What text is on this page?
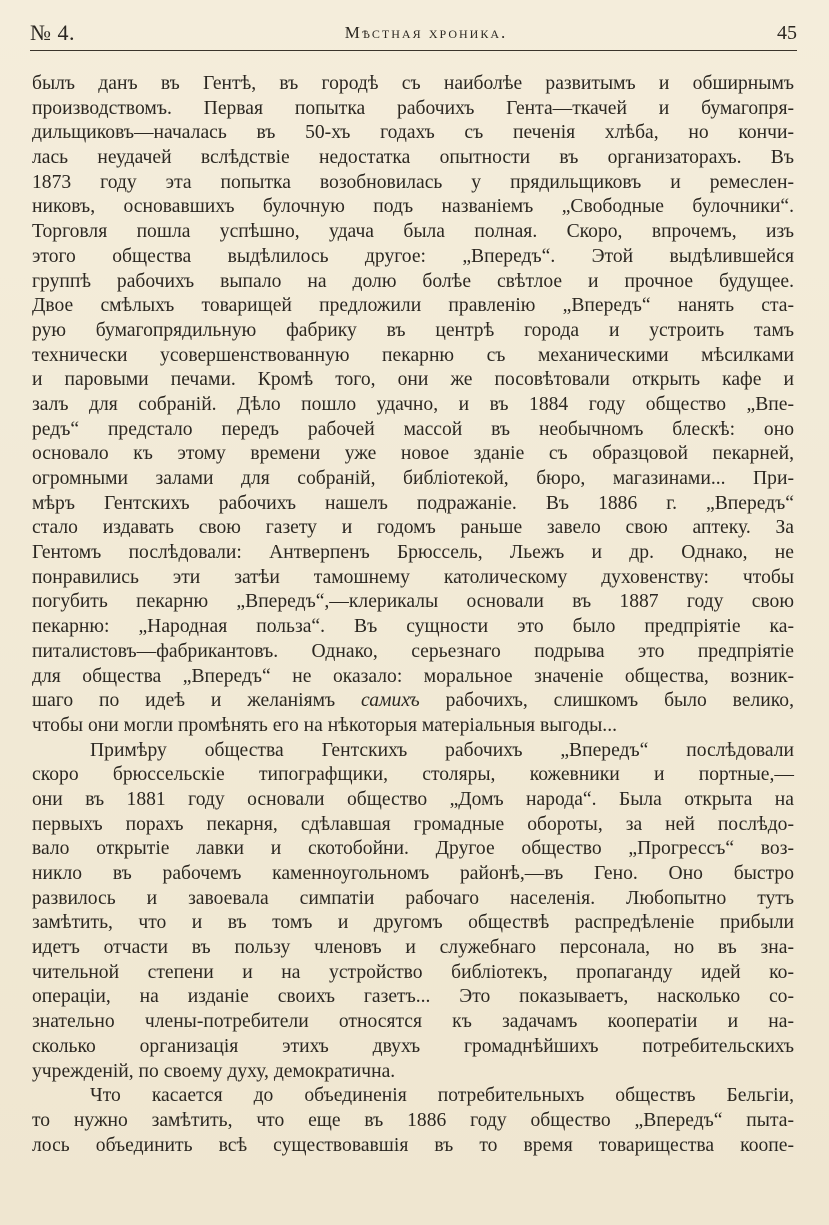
№ 4.	Мѣстная хроника.	45
былъ данъ въ Гентѣ, въ городѣ съ наиболѣе развитымъ и обширнымъ
производствомъ. Первая попытка рабочихъ Гента—ткачей и бумагопря-
дильщиковъ—началась въ 50-хъ годахъ съ печенія хлѣба, но кончи-
лась неудачей вслѣдствіе недостатка опытности въ организаторахъ. Въ
1873 году эта попытка возобновилась у прядильщиковъ и ремеслен-
никовъ, основавшихъ булочную подъ названіемъ „Свободные булочники“.
Торговля пошла успѣшно, удача была полная. Скоро, впрочемъ, изъ
этого общества выдѣлилось другое: „Впередъ“. Этой выдѣлившейся
группѣ рабочихъ выпало на долю болѣе свѣтлое и прочное будущее.
Двое смѣлыхъ товарищей предложили правленію „Впередъ“ нанять ста-
рую бумагопрядильную фабрику въ центрѣ города и устроить тамъ
технически усовершенствованную пекарню съ механическими мѣсилками
и паровыми печами. Кромѣ того, они же посовѣтовали открыть кафе и
залъ для собраній. Дѣло пошло удачно, и въ 1884 году общество „Впе-
редъ“ предстало передъ рабочей массой въ необычномъ блескѣ: оно
основало къ этому времени уже новое зданіе съ образцовой пекарней,
огромными залами для собраній, библіотекой, бюро, магазинами... При-
мѣръ Гентскихъ рабочихъ нашелъ подражаніе. Въ 1886 г. „Впередъ“
стало издавать свою газету и годомъ раньше завело свою аптеку. За
Гентомъ послѣдовали: Антверпенъ Брюссель, Льежъ и др. Однако, не
понравились эти затѣи тамошнему католическому духовенству: чтобы
погубить пекарню „Впередъ“,—клерикалы основали въ 1887 году свою
пекарню: „Народная польза“. Въ сущности это было предпріятіе ка-
питалистовъ—фабрикантовъ. Однако, серьезнаго подрыва это предпріятіе
для общества „Впередъ“ не оказало: моральное значеніе общества, возник-
шаго по идеѣ и желаніямъ самихъ рабочихъ, слишкомъ было велико,
чтобы они могли промѣнять его на нѣкоторыя матеріальныя выгоды...
Примѣру общества Гентскихъ рабочихъ „Впередъ“ послѣдовали
скоро брюссельскіе типографщики, столяры, кожевники и портные,—
они въ 1881 году основали общество „Домъ народа“. Была открыта на
первыхъ порахъ пекарня, сдѣлавшая громадные обороты, за ней послѣдо-
вало открытіе лавки и скотобойни. Другое общество „Прогрессъ“ воз-
никло въ рабочемъ каменноугольномъ районѣ,—въ Гено. Оно быстро
развилось и завоевала симпатіи рабочаго населенія. Любопытно тутъ
замѣтить, что и въ томъ и другомъ обществѣ распредѣленіе прибыли
идетъ отчасти въ пользу членовъ и служебнаго персонала, но въ зна-
чительной степени и на устройство библіотекъ, пропаганду идей ко-
операціи, на изданіе своихъ газетъ... Это показываетъ, насколько со-
знательно члены-потребители относятся къ задачамъ кооператіи и на-
сколько организація этихъ двухъ громаднѣйшихъ потребительскихъ
учрежденій, по своему духу, демократична.
Что касается до объединенія потребительныхъ обществъ Бельгіи,
то нужно замѣтить, что еще въ 1886 году общество „Впередъ“ пыта-
лось объединить всѣ существовавшія въ то время товарищества коопе-
